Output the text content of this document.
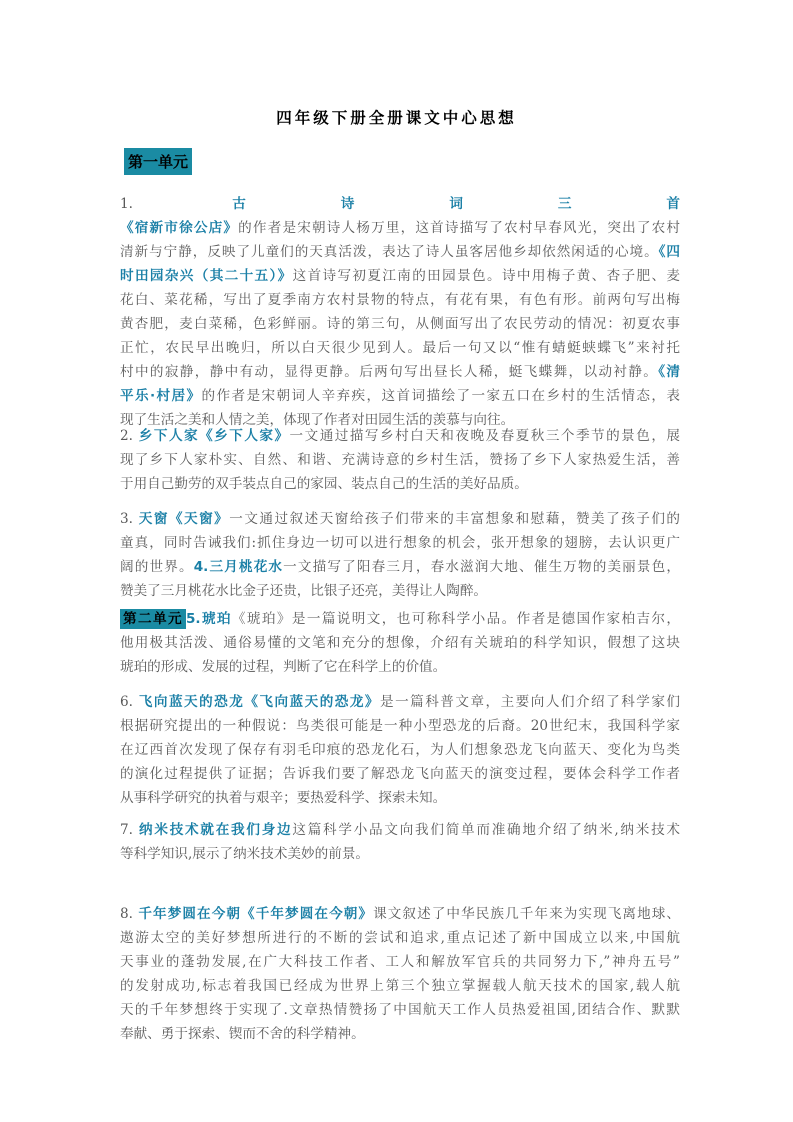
四年级下册全册课文中心思想
第一单元
1.	古诗词三首
《宿新市徐公店》的作者是宋朝诗人杨万里，这首诗描写了农村早春风光，突出了农村
清新与宁静，反映了儿童们的天真活泼，表达了诗人虽客居他乡却依然闲适的心境。《四
时田园杂兴（其二十五）》这首诗写初夏江南的田园景色。诗中用梅子黄、杏子肥、麦
花白、菜花稀，写出了夏季南方农村景物的特点，有花有果，有色有形。前两句写出梅
黄杏肥，麦白菜稀，色彩鲜丽。诗的第三句，从侧面写出了农民劳动的情况：初夏农事
正忙，农民早出晚归，所以白天很少见到人。最后一句又以“惟有蜻蜓蛱蝶飞”来衬托
村中的寂静，静中有动，显得更静。后两句写出昼长人稀，蜓飞蝶舞，以动衬静。《清
平乐·村居》的作者是宋朝词人辛弃疾，这首词描绘了一家五口在乡村的生活情态，表
现了生活之美和人情之美，体现了作者对田园生活的羡慕与向往。
2. 乡下人家《乡下人家》一文通过描写乡村白天和夜晚及春夏秋三个季节的景色，展
现了乡下人家朴实、自然、和谐、充满诗意的乡村生活，赞扬了乡下人家热爱生活，善
于用自己勤劳的双手装点自己的家园、装点自己的生活的美好品质。
3. 天窗《天窗》一文通过叙述天窗给孩子们带来的丰富想象和慰藉，赞美了孩子们的
童真，同时告诫我们:抓住身边一切可以进行想象的机会，张开想象的翅膀，去认识更广
阔的世界。4.三月桃花水一文描写了阳春三月，春水滋润大地、催生万物的美丽景色，
赞美了三月桃花水比金子还贵，比银子还亮，美得让人陶醉。
第二单元 5.琥珀《琥珀》是一篇说明文，也可称科学小品。作者是德国作家柏吉尔，
他用极其活泼、通俗易懂的文笔和充分的想像，介绍有关琥珀的科学知识，假想了这块
琥珀的形成、发展的过程，判断了它在科学上的价值。
6. 飞向蓝天的恐龙《飞向蓝天的恐龙》是一篇科普文章，主要向人们介绍了科学家们
根据研究提出的一种假说：鸟类很可能是一种小型恐龙的后裔。20世纪末，我国科学家
在辽西首次发现了保存有羽毛印痕的恐龙化石，为人们想象恐龙飞向蓝天、变化为鸟类
的演化过程提供了证据；告诉我们要了解恐龙飞向蓝天的演变过程，要体会科学工作者
从事科学研究的执着与艰辛；要热爱科学、探索未知。
7. 纳米技术就在我们身边这篇科学小品文向我们简单而准确地介绍了纳米,纳米技术
等科学知识,展示了纳米技术美妙的前景。
8. 千年梦圆在今朝《千年梦圆在今朝》课文叙述了中华民族几千年来为实现飞离地球、
遨游太空的美好梦想所进行的不断的尝试和追求,重点记述了新中国成立以来,中国航
天事业的蓬勃发展,在广大科技工作者、工人和解放军官兵的共同努力下,”神舟五号”
的发射成功,标志着我国已经成为世界上第三个独立掌握载人航天技术的国家,载人航
天的千年梦想终于实现了.文章热情赞扬了中国航天工作人员热爱祖国,团结合作、默默
奉献、勇于探索、锲而不舍的科学精神。
